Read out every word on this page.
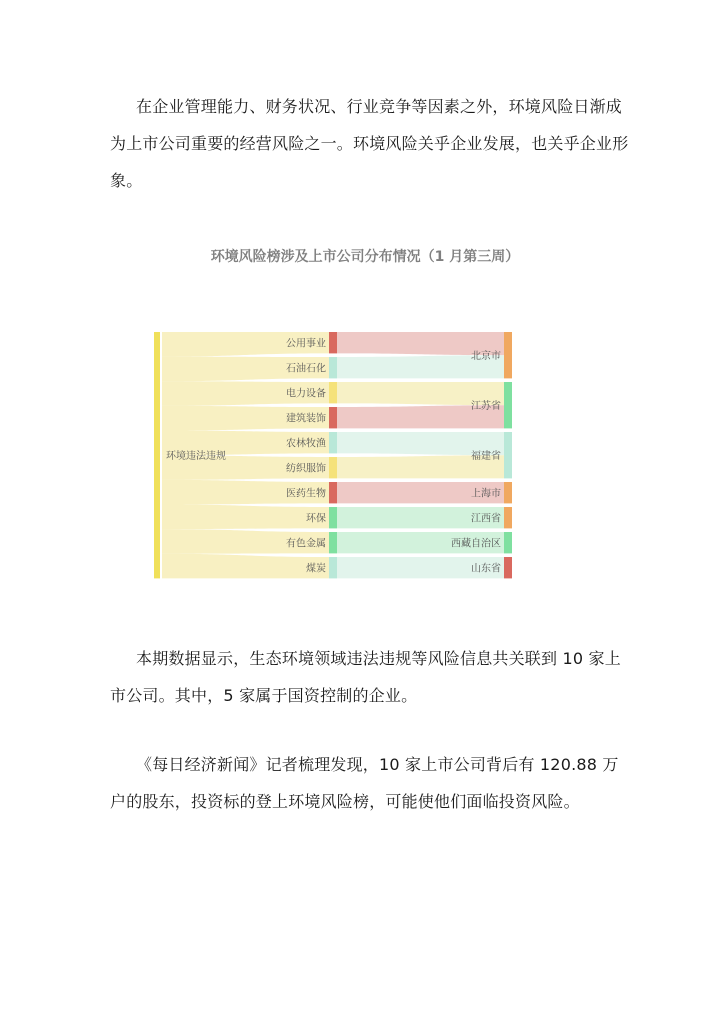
在企业管理能力、财务状况、行业竞争等因素之外，环境风险日渐成为上市公司重要的经营风险之一。环境风险关乎企业发展，也关乎企业形象。

环境风险榜涉及上市公司分布情况（1 月第三周）
环境违法违规
公用事业
石油石化
电力设备
建筑装饰
农林牧渔
纺织服饰
医药生物
环保
有色金属
煤炭
北京市
江苏省
福建省
上海市
江西省
西藏自治区
山东省

本期数据显示，生态环境领域违法违规等风险信息共关联到 10 家上市公司。其中，5 家属于国资控制的企业。

《每日经济新闻》记者梳理发现，10 家上市公司背后有 120.88 万户的股东，投资标的登上环境风险榜，可能使他们面临投资风险。
